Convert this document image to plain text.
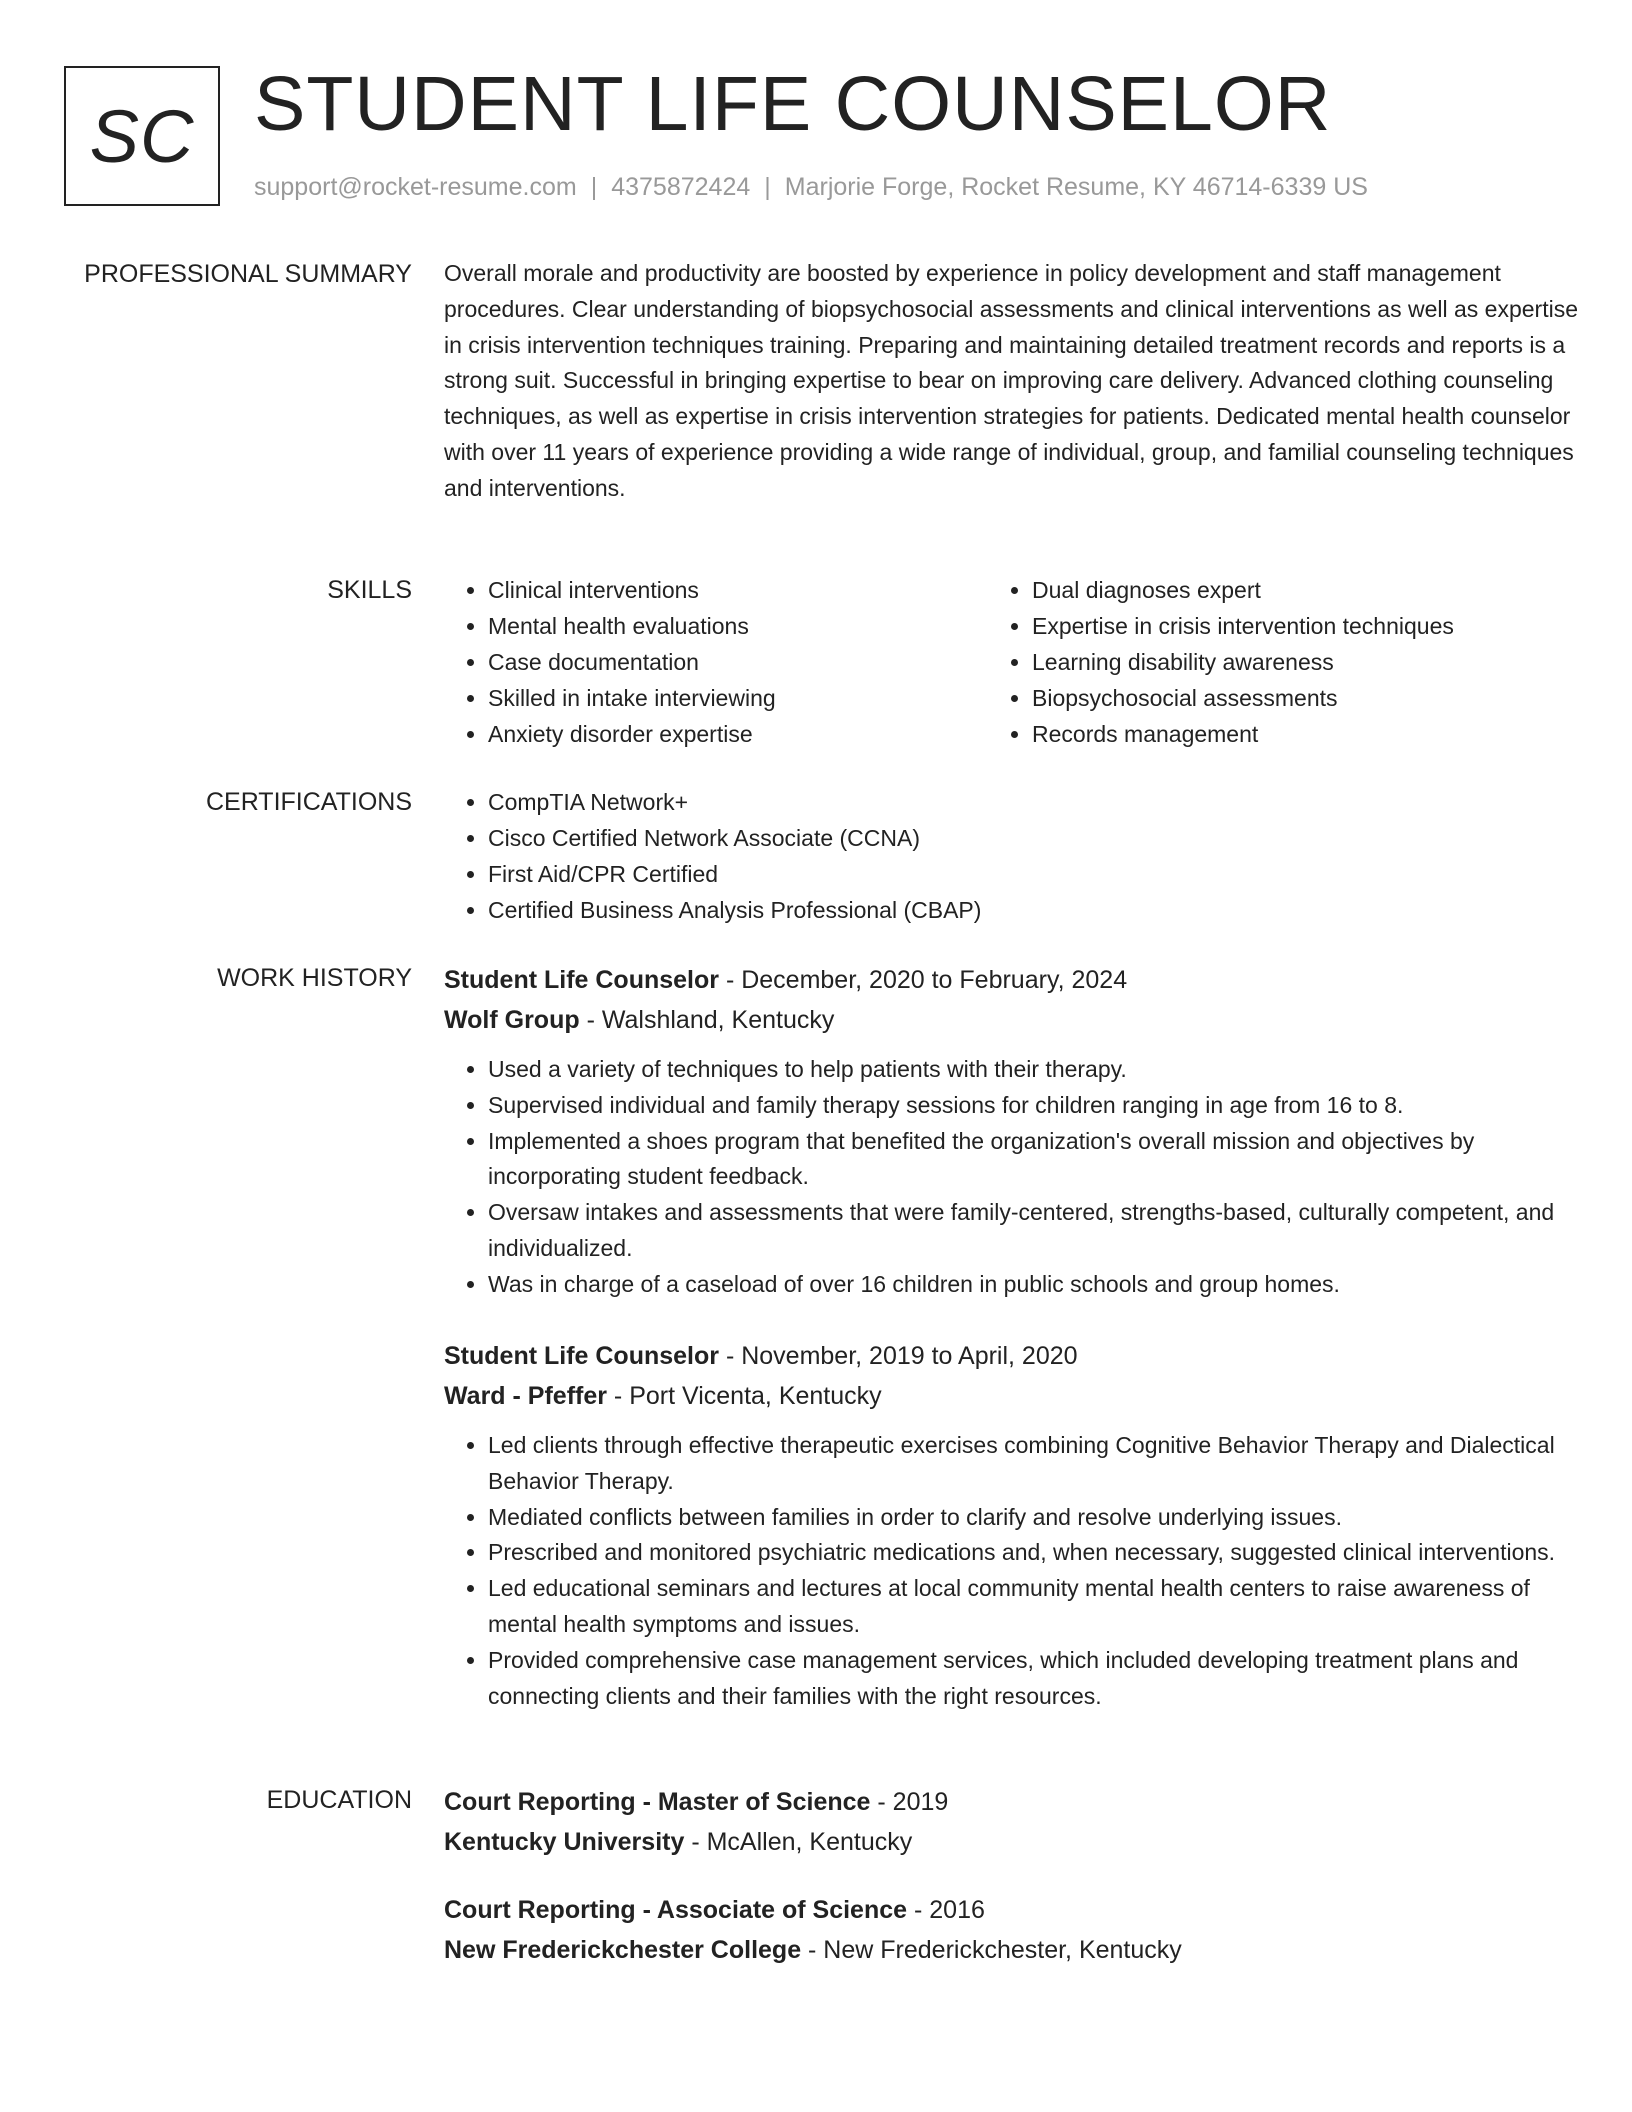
SC STUDENT LIFE COUNSELOR
support@rocket-resume.com | 4375872424 | Marjorie Forge, Rocket Resume, KY 46714-6339 US
PROFESSIONAL SUMMARY Overall morale and productivity are boosted by experience in policy development and staff management procedures. Clear understanding of biopsychosocial assessments and clinical interventions as well as expertise in crisis intervention techniques training. Preparing and maintaining detailed treatment records and reports is a strong suit. Successful in bringing expertise to bear on improving care delivery. Advanced clothing counseling techniques, as well as expertise in crisis intervention strategies for patients. Dedicated mental health counselor with over 11 years of experience providing a wide range of individual, group, and familial counseling techniques and interventions.

SKILLS	• Clinical interventions
• Mental health evaluations
• Case documentation
• Skilled in intake interviewing
• Anxiety disorder expertise
• Dual diagnoses expert
• Expertise in crisis intervention techniques
• Learning disability awareness
• Biopsychosocial assessments
• Records management
CERTIFICATIONS	• CompTIA Network+
• Cisco Certified Network Associate (CCNA)
• First Aid/CPR Certified
• Certified Business Analysis Professional (CBAP)
WORK HISTORY Student Life Counselor - December, 2020 to February, 2024
Wolf Group - Walshland, Kentucky
• Used a variety of techniques to help patients with their therapy.
• Supervised individual and family therapy sessions for children ranging in age from 16 to 8.
• Implemented a shoes program that benefited the organization's overall mission and objectives by incorporating student feedback.
• Oversaw intakes and assessments that were family-centered, strengths-based, culturally competent, and individualized.
• Was in charge of a caseload of over 16 children in public schools and group homes.
Student Life Counselor - November, 2019 to April, 2020
Ward - Pfeffer - Port Vicenta, Kentucky
• Led clients through effective therapeutic exercises combining Cognitive Behavior Therapy and Dialectical Behavior Therapy.
• Mediated conflicts between families in order to clarify and resolve underlying issues.
• Prescribed and monitored psychiatric medications and, when necessary, suggested clinical interventions.
• Led educational seminars and lectures at local community mental health centers to raise awareness of mental health symptoms and issues.
• Provided comprehensive case management services, which included developing treatment plans and connecting clients and their families with the right resources.
EDUCATION Court Reporting - Master of Science - 2019
Kentucky University - McAllen, Kentucky
Court Reporting - Associate of Science - 2016
New Frederickchester College - New Frederickchester, Kentucky
